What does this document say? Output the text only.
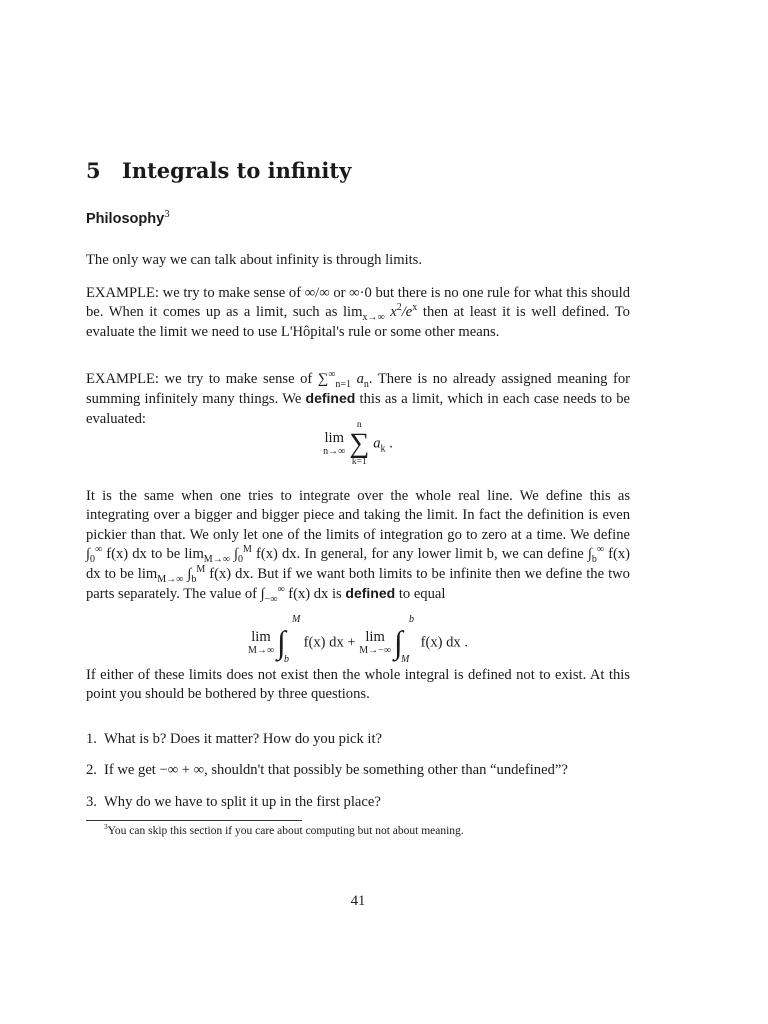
5 Integrals to infinity
Philosophy$^3$

The only way we can talk about infinity is through limits.

EXAMPLE: we try to make sense of ∞/∞ or ∞·0 but there is no one rule for what this should be. When it comes up as a limit, such as $\lim_{x\to\infty} x^2/e^x$ then at least it is well defined. To evaluate the limit we need to use L'Hôpital's rule or some other means.

EXAMPLE: we try to make sense of $\sum^\infty_{n=1}$ $a_n$. There is no already assigned meaning for summing infinitely many things. We defined this as a limit, which in each case needs to be evaluated:

lim
n→∞
n
∑
k=1
$a_k$ .

It is the same when one tries to integrate over the whole real line. We define this as integrating over a bigger and bigger piece and taking the limit. In fact the definition is even pickier than that. We only let one of the limits of integration go to zero at a time. We define $\int_0^\infty$ f(x) dx to be $\lim_{M\to\infty} \int_0^M$ f(x) dx. In general, for any lower limit b, we can define $\int_b^\infty$ f(x) dx to be $\lim_{M\to\infty} \int_b^M$ f(x) dx. But if we want both limits to be infinite then we define the two parts separately. The value of $\int_{-\infty}^\infty$ f(x) dx is defined to equal

lim
M→∞ ∫
M
b
f(x) dx + lim
M→−∞ ∫
b
M
f(x) dx .

If either of these limits does not exist then the whole integral is defined not to exist. At this point you should be bothered by three questions.

1. What is b? Does it matter? How do you pick it?

2. If we get −∞ + ∞, shouldn't that possibly be something other than “undefined”?

3. Why do we have to split it up in the first place?

$^3$You can skip this section if you care about computing but not about meaning.

41
